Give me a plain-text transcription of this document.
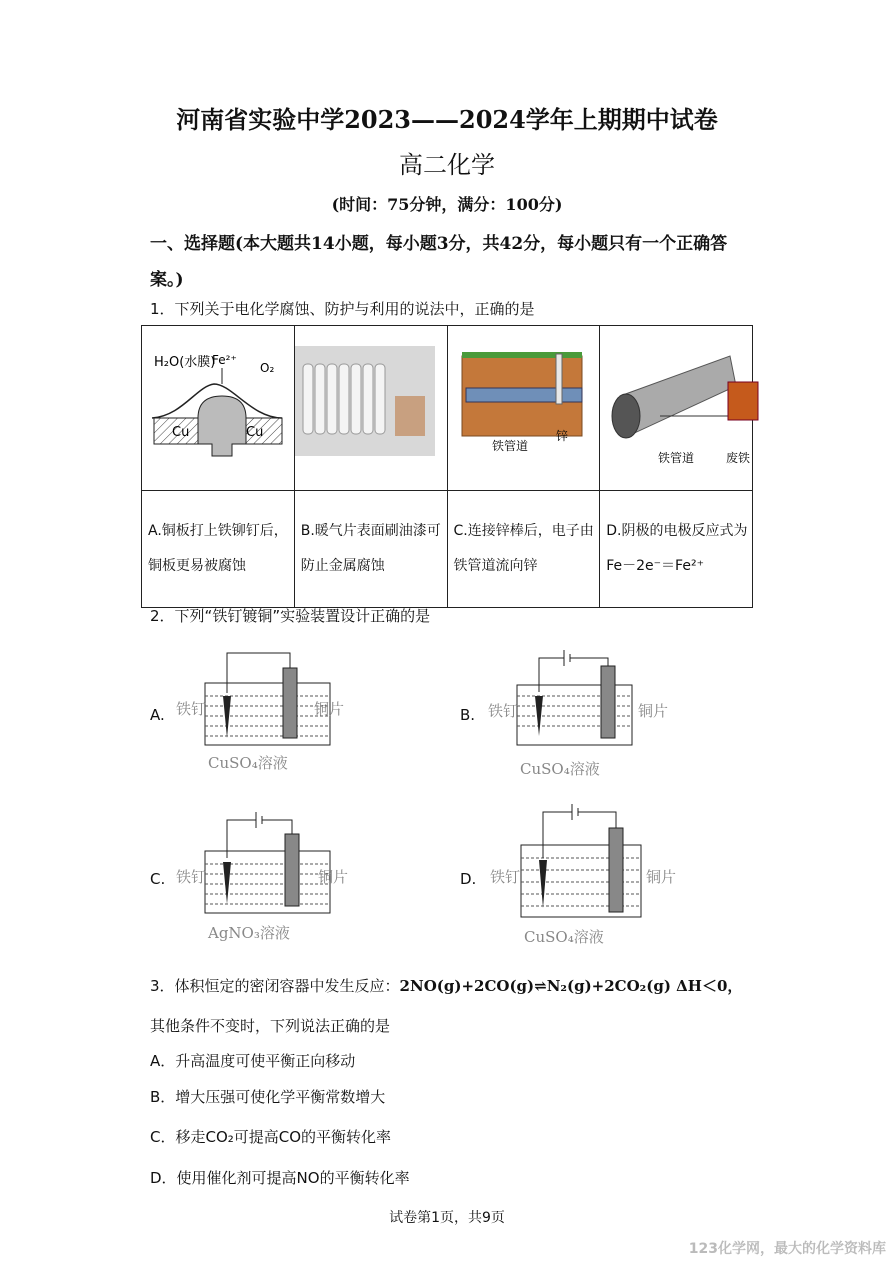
河南省实验中学2023——2024学年上期期中试卷
高二化学
(时间：75分钟，满分：100分)
一、选择题(本大题共14小题，每小题3分，共42分，每小题只有一个正确答案。)
1．下列关于电化学腐蚀、防护与利用的说法中，正确的是
H₂O(水膜)
Fe²⁺
O₂
Cu Cu		铁管道
锌	铁管道 废铁

A.铜板打上铁铆钉后，铜板更易被腐蚀	B.暖气片表面刷油漆可防止金属腐蚀	C.连接锌棒后，电子由铁管道流向锌	D.阴极的电极反应式为 Fe－2e⁻＝Fe²⁺
2．下列“铁钉镀铜”实验装置设计正确的是
A. 铁钉	铜片
CuSO₄溶液
B. 铁钉	铜片
CuSO₄溶液
C. 铁钉	铜片
AgNO₃溶液
D. 铁钉	铜片
CuSO₄溶液
3．体积恒定的密闭容器中发生反应：2NO(g)+2CO(g)⇌N₂(g)+2CO₂(g) ΔH＜0，
其他条件不变时，下列说法正确的是
A．升高温度可使平衡正向移动
B．增大压强可使化学平衡常数增大
C．移走CO₂可提高CO的平衡转化率
D．使用催化剂可提高NO的平衡转化率
试卷第1页，共9页
123化学网，最大的化学资料库
